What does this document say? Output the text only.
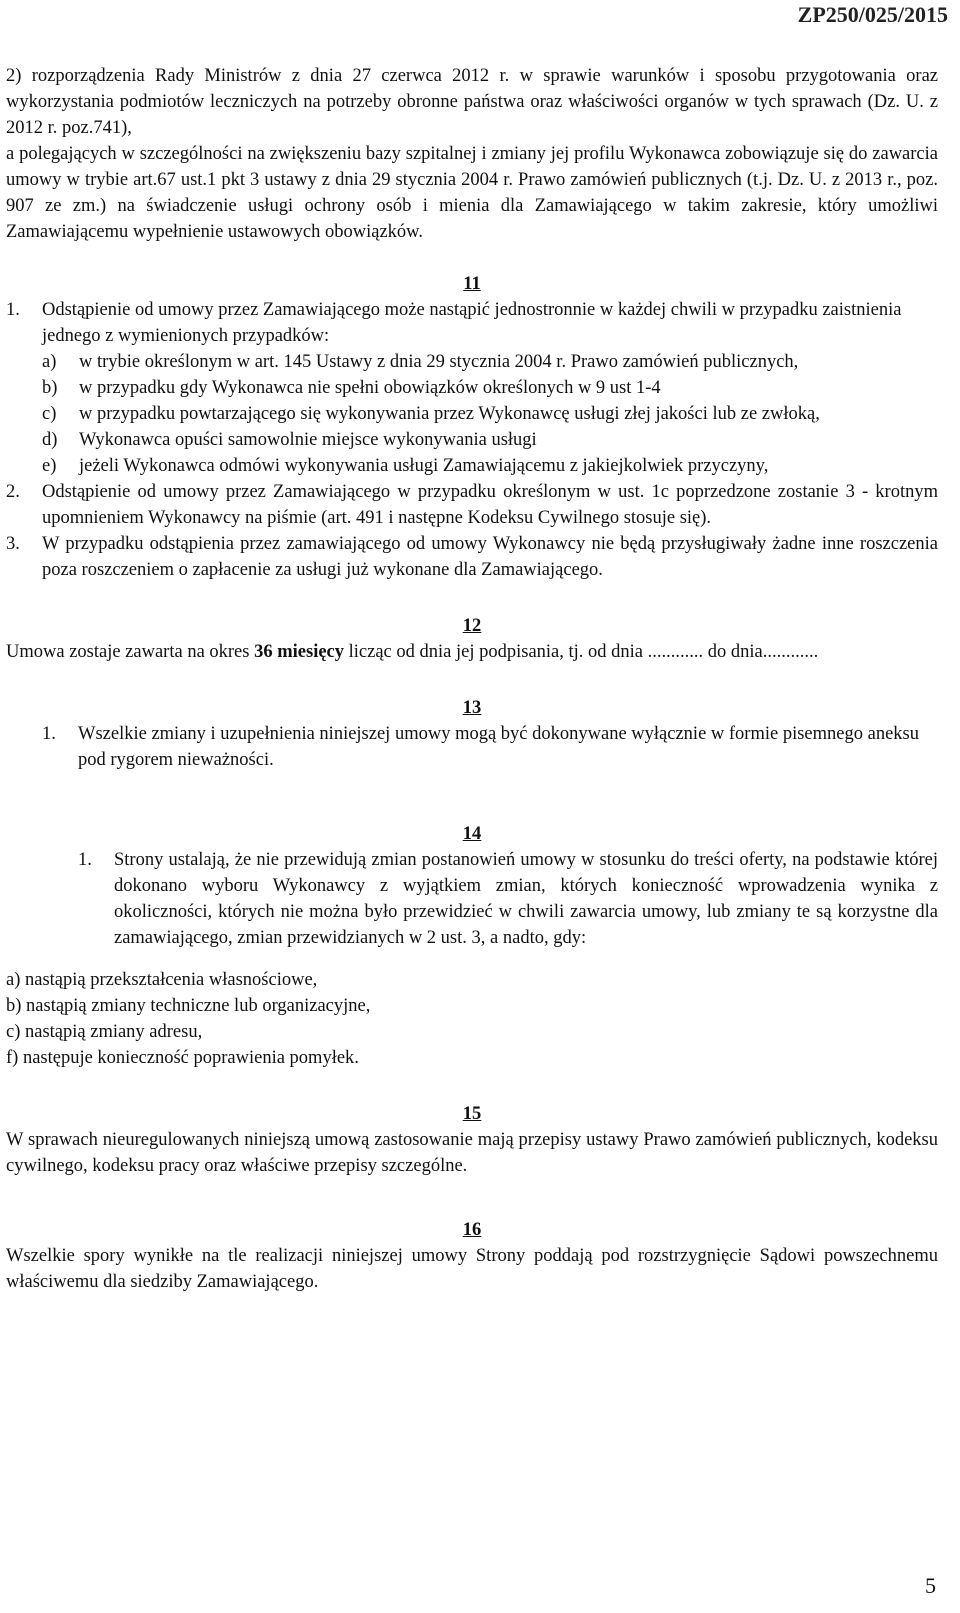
ZP250/025/2015

2) rozporządzenia Rady Ministrów z dnia 27 czerwca 2012 r. w sprawie warunków i sposobu przygotowania oraz wykorzystania podmiotów leczniczych na potrzeby obronne państwa oraz właściwości organów w tych sprawach (Dz. U. z 2012 r. poz.741),

a polegających w szczególności na zwiększeniu bazy szpitalnej i zmiany jej profilu Wykonawca zobowiązuje się do zawarcia umowy w trybie art.67 ust.1 pkt 3 ustawy z dnia 29 stycznia 2004 r. Prawo zamówień publicznych (t.j. Dz. U. z 2013 r., poz. 907 ze zm.) na świadczenie usługi ochrony osób i mienia dla Zamawiającego w takim zakresie, który umożliwi Zamawiającemu wypełnienie ustawowych obowiązków.

11

1.	Odstąpienie od umowy przez Zamawiającego może nastąpić jednostronnie w każdej chwili w przypadku zaistnienia jednego z wymienionych przypadków:
a)	w trybie określonym w art. 145 Ustawy z dnia 29 stycznia 2004 r. Prawo zamówień publicznych,
b)	w przypadku gdy Wykonawca nie spełni obowiązków określonych w 9 ust 1-4
c)	w przypadku powtarzającego się wykonywania przez Wykonawcę usługi złej jakości lub ze zwłoką,
d)	Wykonawca opuści samowolnie miejsce wykonywania usługi
e)	jeżeli Wykonawca odmówi wykonywania usługi Zamawiającemu z jakiejkolwiek przyczyny,
2.	Odstąpienie od umowy przez Zamawiającego w przypadku określonym w ust. 1c poprzedzone zostanie 3 - krotnym upomnieniem Wykonawcy na piśmie (art. 491 i następne Kodeksu Cywilnego stosuje się).
3.	W przypadku odstąpienia przez zamawiającego od umowy Wykonawcy nie będą przysługiwały żadne inne roszczenia poza roszczeniem o zapłacenie za usługi już wykonane dla Zamawiającego.

12

Umowa zostaje zawarta na okres 36 miesięcy licząc od dnia jej podpisania, tj. od dnia ............ do dnia............

13

1.	Wszelkie zmiany i uzupełnienia niniejszej umowy mogą być dokonywane wyłącznie w formie pisemnego aneksu pod rygorem nieważności.

14

1.	Strony ustalają, że nie przewidują zmian postanowień umowy w stosunku do treści oferty, na podstawie której dokonano wyboru Wykonawcy z wyjątkiem zmian, których konieczność wprowadzenia wynika z okoliczności, których nie można było przewidzieć w chwili zawarcia umowy, lub zmiany te są korzystne dla zamawiającego, zmian przewidzianych w 2 ust. 3, a nadto, gdy:
a) nastąpią przekształcenia własnościowe,
b) nastąpią zmiany techniczne lub organizacyjne,
c) nastąpią zmiany adresu,
f) następuje konieczność poprawienia pomyłek.

15

W sprawach nieuregulowanych niniejszą umową zastosowanie mają przepisy ustawy Prawo zamówień publicznych, kodeksu cywilnego, kodeksu pracy oraz właściwe przepisy szczególne.

16

Wszelkie spory wynikłe na tle realizacji niniejszej umowy Strony poddają pod rozstrzygnięcie Sądowi powszechnemu właściwemu dla siedziby Zamawiającego.

5
